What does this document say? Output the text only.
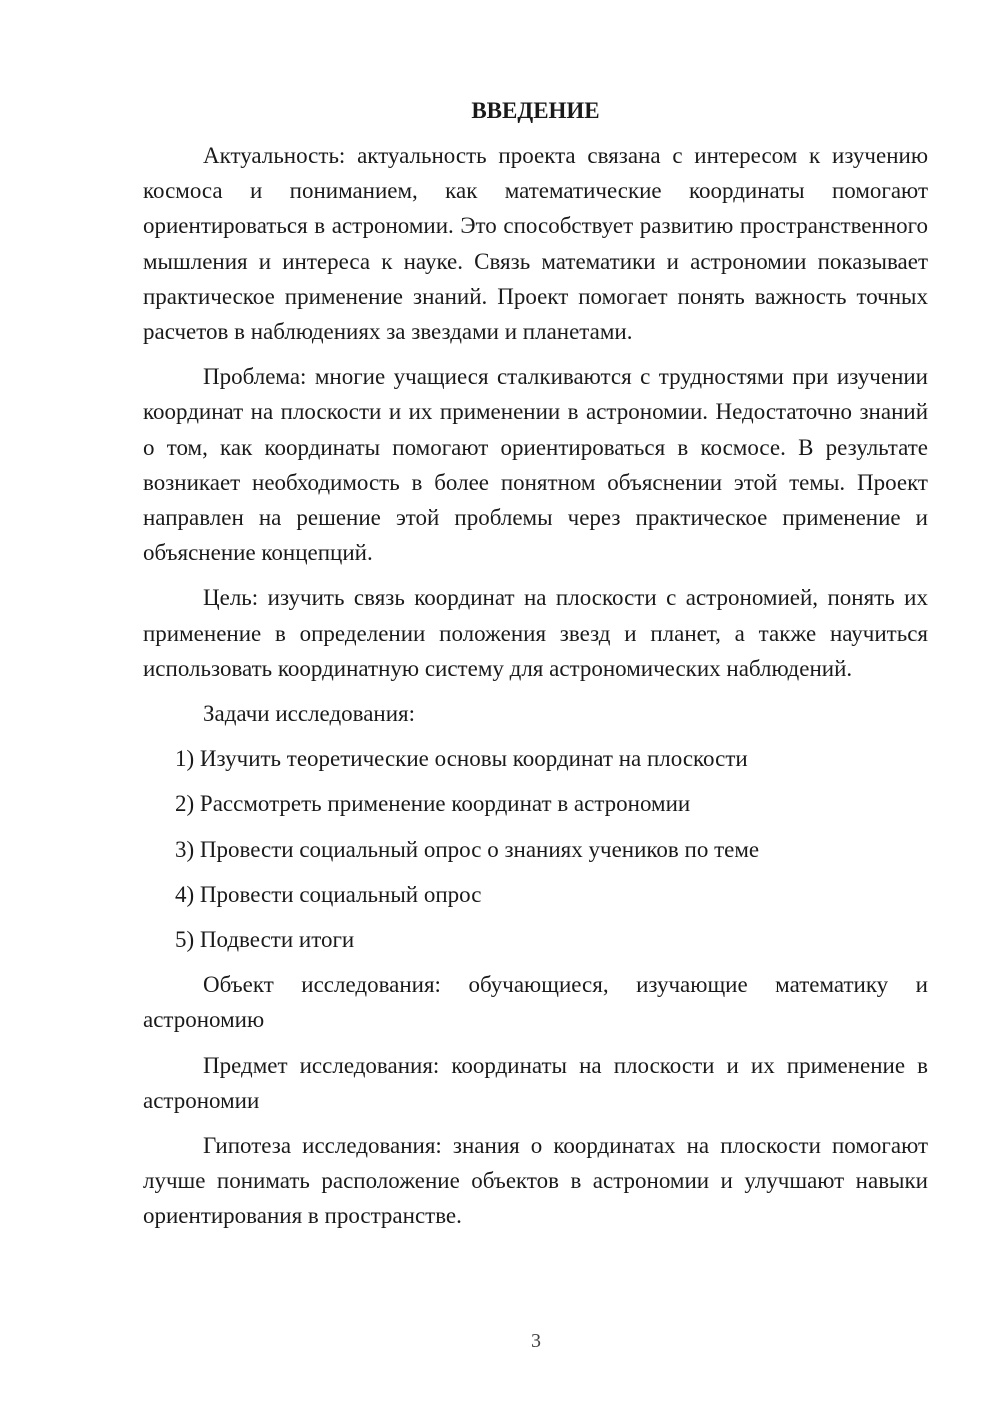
ВВЕДЕНИЕ

Актуальность: актуальность проекта связана с интересом к изучению космоса и пониманием, как математические координаты помогают ориентироваться в астрономии. Это способствует развитию пространственного мышления и интереса к науке. Связь математики и астрономии показывает практическое применение знаний. Проект помогает понять важность точных расчетов в наблюдениях за звездами и планетами.

Проблема: многие учащиеся сталкиваются с трудностями при изучении координат на плоскости и их применении в астрономии. Недостаточно знаний о том, как координаты помогают ориентироваться в космосе. В результате возникает необходимость в более понятном объяснении этой темы. Проект направлен на решение этой проблемы через практическое применение и объяснение концепций.

Цель: изучить связь координат на плоскости с астрономией, понять их применение в определении положения звезд и планет, а также научиться использовать координатную систему для астрономических наблюдений.

Задачи исследования:
1) Изучить теоретические основы координат на плоскости
2) Рассмотреть применение координат в астрономии
3) Провести социальный опрос о знаниях учеников по теме
4) Провести социальный опрос
5) Подвести итоги

Объект исследования: обучающиеся, изучающие математику и астрономию

Предмет исследования: координаты на плоскости и их применение в астрономии

Гипотеза исследования: знания о координатах на плоскости помогают лучше понимать расположение объектов в астрономии и улучшают навыки ориентирования в пространстве.

3
